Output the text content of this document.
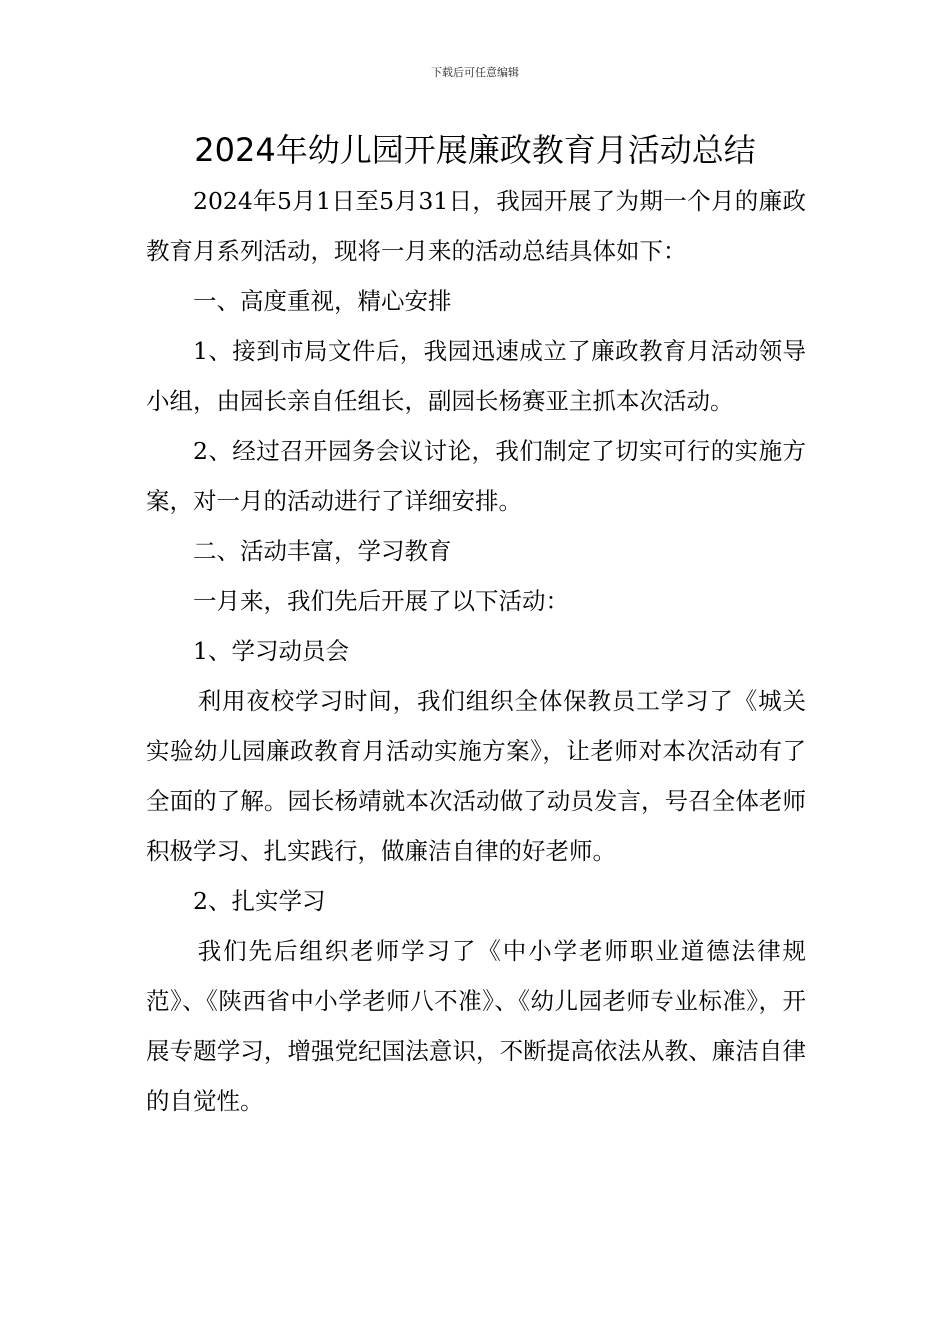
下载后可任意编辑
2024年幼儿园开展廉政教育月活动总结

2024年5月1日至5月31日，我园开展了为期一个月的廉政教育月系列活动，现将一月来的活动总结具体如下：

一、高度重视，精心安排

1、接到市局文件后，我园迅速成立了廉政教育月活动领导小组，由园长亲自任组长，副园长杨赛亚主抓本次活动。

2、经过召开园务会议讨论，我们制定了切实可行的实施方案，对一月的活动进行了详细安排。

二、活动丰富，学习教育

一月来，我们先后开展了以下活动：

1、学习动员会

利用夜校学习时间，我们组织全体保教员工学习了《城关实验幼儿园廉政教育月活动实施方案》，让老师对本次活动有了全面的了解。园长杨靖就本次活动做了动员发言，号召全体老师积极学习、扎实践行，做廉洁自律的好老师。

2、扎实学习

我们先后组织老师学习了《中小学老师职业道德法律规范》、《陕西省中小学老师八不准》、《幼儿园老师专业标准》，开展专题学习，增强党纪国法意识，不断提高依法从教、廉洁自律的自觉性。
